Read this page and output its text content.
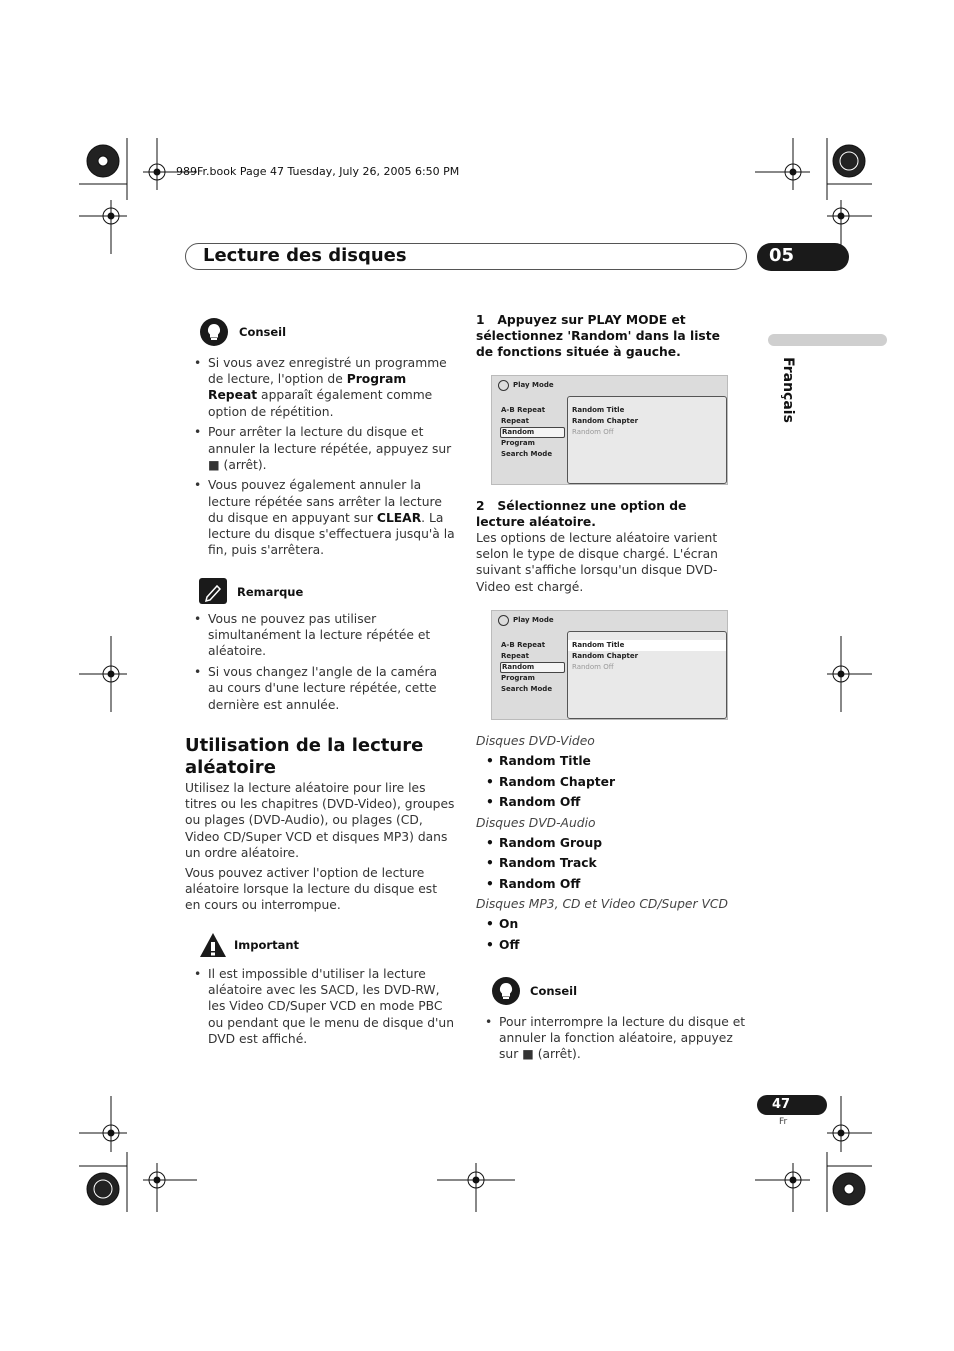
989Fr.book Page 47 Tuesday, July 26, 2005 6:50 PM
Lecture des disques	05
Français
Conseil
• Si vous avez enregistré un programme de lecture, l'option de Program Repeat apparaît également comme option de répétition.
• Pour arrêter la lecture du disque et annuler la lecture répétée, appuyez sur ■ (arrêt).
• Vous pouvez également annuler la lecture répétée sans arrêter la lecture du disque en appuyant sur CLEAR. La lecture du disque s'effectuera jusqu'à la fin, puis s'arrêtera.
Remarque
• Vous ne pouvez pas utiliser simultanément la lecture répétée et aléatoire.
• Si vous changez l'angle de la caméra au cours d'une lecture répétée, cette dernière est annulée.
Utilisation de la lecture
aléatoire

Utilisez la lecture aléatoire pour lire les titres ou les chapitres (DVD-Video), groupes ou plages (DVD-Audio), ou plages (CD, Video CD/Super VCD et disques MP3) dans un ordre aléatoire.

Vous pouvez activer l'option de lecture aléatoire lorsque la lecture du disque est en cours ou interrompue.

Important
• Il est impossible d'utiliser la lecture aléatoire avec les SACD, les DVD-RW, les Video CD/Super VCD en mode PBC ou pendant que le menu de disque d'un DVD est affiché.
1 Appuyez sur PLAY MODE et sélectionnez 'Random' dans la liste de fonctions située à gauche.
Play Mode
A-B Repeat
Repeat
Random
Program
Search Mode
Random Title
Random Chapter
Random Off
2 Sélectionnez une option de lecture aléatoire.

Les options de lecture aléatoire varient selon le type de disque chargé. L'écran suivant s'affiche lorsqu'un disque DVD-Video est chargé.

Play Mode
A-B Repeat
Repeat
Random
Program
Search Mode
Random Title
Random Chapter
Random Off
Disques DVD-Video
• Random Title
• Random Chapter
• Random Off
Disques DVD-Audio
• Random Group
• Random Track
• Random Off
Disques MP3, CD et Video CD/Super VCD
• On
• Off
Conseil
• Pour interrompre la lecture du disque et annuler la fonction aléatoire, appuyez sur ■ (arrêt).
47
Fr
